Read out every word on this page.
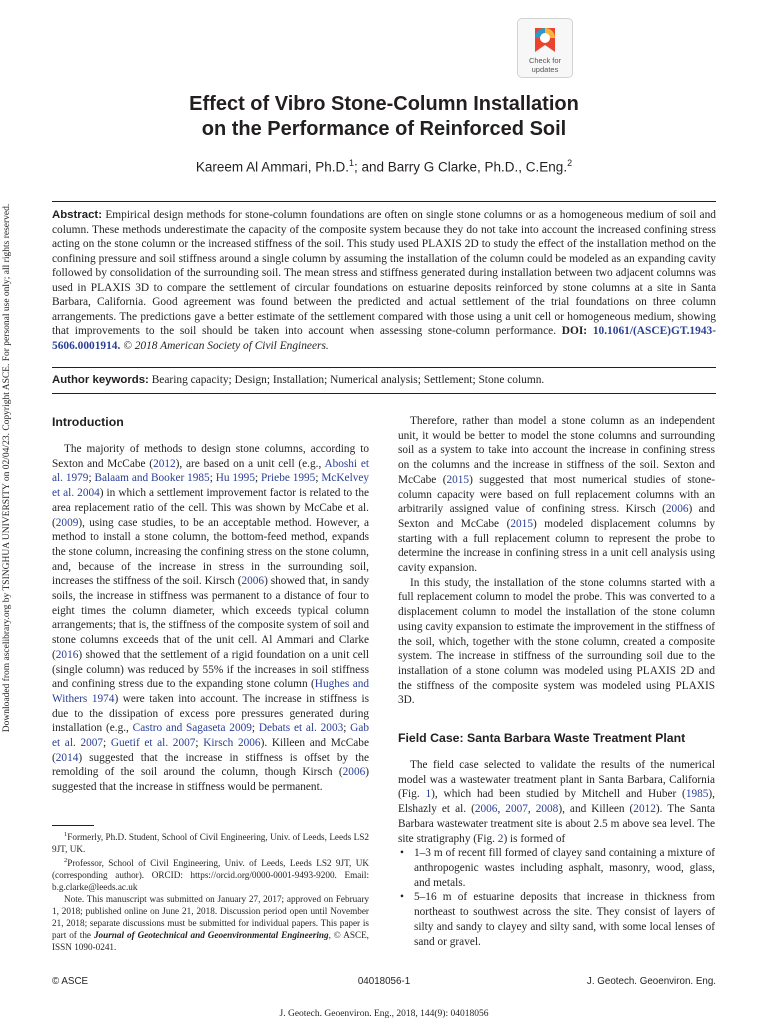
Downloaded from ascelibrary.org by TSINGHUA UNIVERSITY on 02/04/23. Copyright ASCE. For personal use only; all rights reserved.
Check for
updates
Effect of Vibro Stone-Column Installation
on the Performance of Reinforced Soil
Kareem Al Ammari, Ph.D.$^1$; and Barry G Clarke, Ph.D., C.Eng.$^2$

Abstract: Empirical design methods for stone-column foundations are often on single stone columns or as a homogeneous medium of soil and column. These methods underestimate the capacity of the composite system because they do not take into account the increased confining stress acting on the stone column or the increased stiffness of the soil. This study used PLAXIS 2D to study the effect of the installation method on the confining pressure and soil stiffness around a single column by assuming the installation of the column could be modeled as an expanding cavity followed by consolidation of the surrounding soil. The mean stress and stiffness generated during installation between two adjacent columns was used in PLAXIS 3D to compare the settlement of circular foundations on estuarine deposits reinforced by stone columns at a site in Santa Barbara, California. Good agreement was found between the predicted and actual settlement of the trial foundations on three column arrangements. The predictions gave a better estimate of the settlement compared with those using a unit cell or homogeneous medium, showing that improvements to the soil should be taken into account when assessing stone-column performance. DOI: 10.1061/(ASCE)GT.1943-5606.0001914. © 2018 American Society of Civil Engineers.

Author keywords: Bearing capacity; Design; Installation; Numerical analysis; Settlement; Stone column.

Introduction

The majority of methods to design stone columns, according to Sexton and McCabe (2012), are based on a unit cell (e.g., Aboshi et al. 1979; Balaam and Booker 1985; Hu 1995; Priebe 1995; McKelvey et al. 2004) in which a settlement improvement factor is related to the area replacement ratio of the cell. This was shown by McCabe et al. (2009), using case studies, to be an acceptable method. However, a method to install a stone column, the bottom-feed method, expands the stone column, increasing the confining stress on the stone column, and, because of the increase in stress in the surrounding soil, increases the stiffness of the soil. Kirsch (2006) showed that, in sandy soils, the increase in stiffness was permanent to a distance of four to eight times the column diameter, which exceeds typical column arrangements; that is, the stiffness of the composite system of soil and stone columns exceeds that of the unit cell. Al Ammari and Clarke (2016) showed that the settlement of a rigid foundation on a unit cell (single column) was reduced by 55% if the increases in soil stiffness and confining stress due to the expanding stone column (Hughes and Withers 1974) were taken into account. The increase in stiffness is due to the dissipation of excess pore pressures generated during installation (e.g., Castro and Sagaseta 2009; Debats et al. 2003; Gab et al. 2007; Guetif et al. 2007; Kirsch 2006). Killeen and McCabe (2014) suggested that the increase in stiffness is offset by the remolding of the soil around the column, though Kirsch (2006) suggested that the increase in stiffness would be permanent.

Therefore, rather than model a stone column as an independent unit, it would be better to model the stone columns and surrounding soil as a system to take into account the increase in confining stress on the columns and the increase in stiffness of the soil. Sexton and McCabe (2015) suggested that most numerical studies of stone-column capacity were based on full replacement columns with an arbitrarily assigned value of confining stress. Kirsch (2006) and Sexton and McCabe (2015) modeled displacement columns by starting with a full replacement column to represent the probe to determine the increase in confining stress in a unit cell analysis using cavity expansion.

In this study, the installation of the stone columns started with a full replacement column to model the probe. This was converted to a displacement column to model the installation of the stone column using cavity expansion to estimate the improvement in the stiffness of the soil, which, together with the stone column, created a composite system. The increase in stiffness of the surrounding soil due to the installation of a stone column was modeled using PLAXIS 2D and the stiffness of the composite system was modeled using PLAXIS 3D.

Field Case: Santa Barbara Waste Treatment Plant

The field case selected to validate the results of the numerical model was a wastewater treatment plant in Santa Barbara, California (Fig. 1), which had been studied by Mitchell and Huber (1985), Elshazly et al. (2006, 2007, 2008), and Killeen (2012). The Santa Barbara wastewater treatment site is about 2.5 m above sea level. The site stratigraphy (Fig. 2) is formed of

• 1–3 m of recent fill formed of clayey sand containing a mixture of anthropogenic wastes including asphalt, masonry, wood, glass, and metals.
• 5–16 m of estuarine deposits that increase in thickness from northeast to southwest across the site. They consist of layers of silty and sandy to clayey and silty sand, with some local lenses of sand or gravel.

$^1$Formerly, Ph.D. Student, School of Civil Engineering, Univ. of Leeds, Leeds LS2 9JT, UK.

$^2$Professor, School of Civil Engineering, Univ. of Leeds, Leeds LS2 9JT, UK (corresponding author). ORCID: https://orcid.org/0000-0001-9493-9200. Email: b.g.clarke@leeds.ac.uk

Note. This manuscript was submitted on January 27, 2017; approved on February 1, 2018; published online on June 21, 2018. Discussion period open until November 21, 2018; separate discussions must be submitted for individual papers. This paper is part of the Journal of Geotechnical and Geoenvironmental Engineering, © ASCE, ISSN 1090-0241.

© ASCE	04018056-1	J. Geotech. Geoenviron. Eng.
J. Geotech. Geoenviron. Eng., 2018, 144(9): 04018056
